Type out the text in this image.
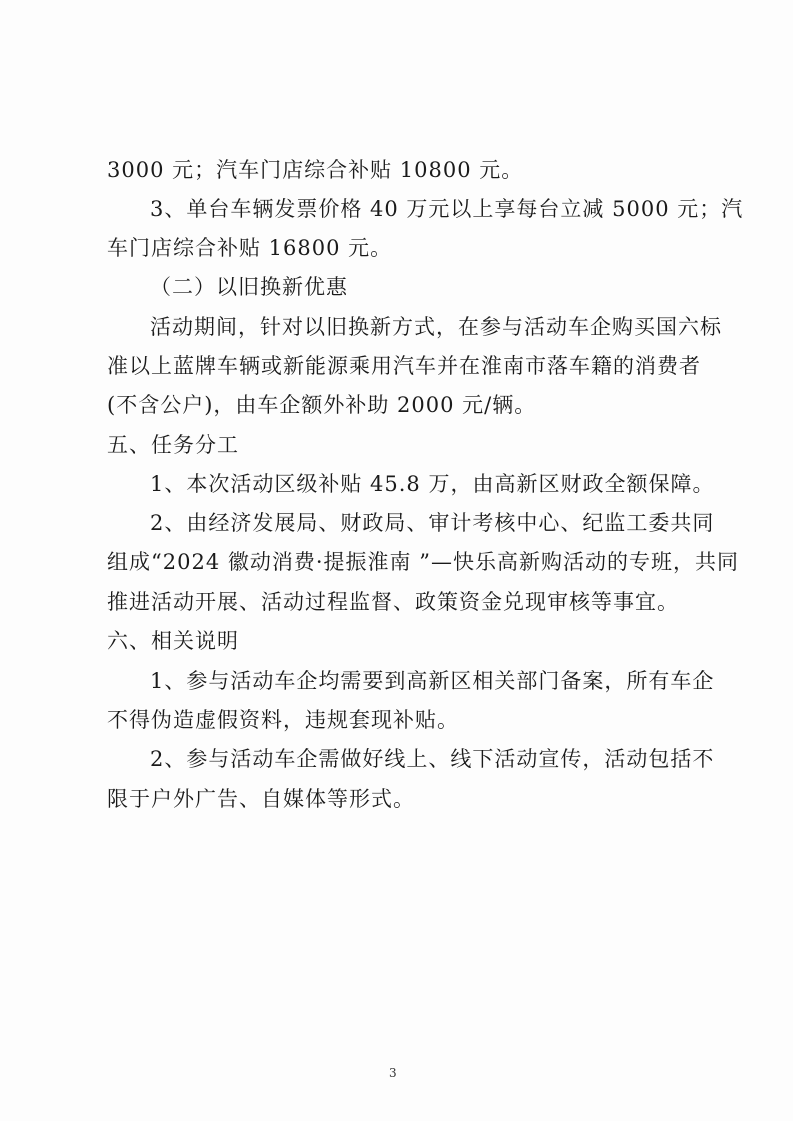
3000 元；汽车门店综合补贴 10800 元。
3、单台车辆发票价格 40 万元以上享每台立减 5000 元；汽
车门店综合补贴 16800 元。
（二）以旧换新优惠
活动期间，针对以旧换新方式，在参与活动车企购买国六标
准以上蓝牌车辆或新能源乘用汽车并在淮南市落车籍的消费者
(不含公户)，由车企额外补助 2000 元/辆。
五、任务分工
1、本次活动区级补贴 45.8 万，由高新区财政全额保障。
2、由经济发展局、财政局、审计考核中心、纪监工委共同
组成“2024 徽动消费·提振淮南 ”—快乐高新购活动的专班，共同
推进活动开展、活动过程监督、政策资金兑现审核等事宜。
六、相关说明
1、参与活动车企均需要到高新区相关部门备案，所有车企
不得伪造虚假资料，违规套现补贴。
2、参与活动车企需做好线上、线下活动宣传，活动包括不
限于户外广告、自媒体等形式。
3
